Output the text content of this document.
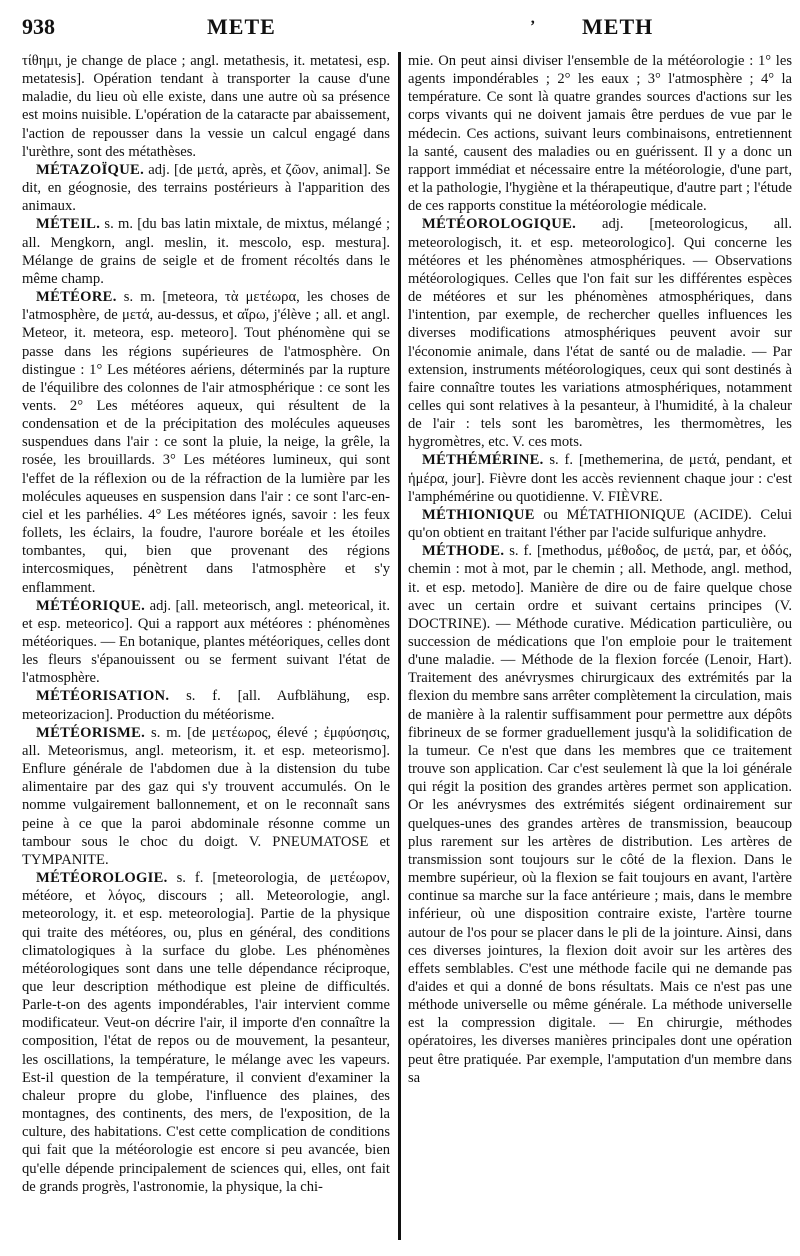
938	METE	’ METH

τίθημι, je change de place ; angl. metathesis, it. metatesi, esp. metatesis]. Opération tendant à transporter la cause d'une maladie, du lieu où elle existe, dans une autre où sa présence est moins nuisible. L'opération de la cataracte par abaissement, l'action de repousser dans la vessie un calcul engagé dans l'urèthre, sont des métathèses.

MÉTAZOÏQUE. adj. [de μετά, après, et ζῶον, animal]. Se dit, en géognosie, des terrains postérieurs à l'apparition des animaux.

MÉTEIL. s. m. [du bas latin mixtale, de mixtus, mélangé ; all. Mengkorn, angl. meslin, it. mescolo, esp. mestura]. Mélange de grains de seigle et de froment récoltés dans le même champ.

MÉTÉORE. s. m. [meteora, τὰ μετέωρα, les choses de l'atmosphère, de μετά, au-dessus, et αἴρω, j'élève ; all. et angl. Meteor, it. meteora, esp. meteoro]. Tout phénomène qui se passe dans les régions supérieures de l'atmosphère. On distingue : 1° Les météores aériens, déterminés par la rupture de l'équilibre des colonnes de l'air atmosphérique : ce sont les vents. 2° Les météores aqueux, qui résultent de la condensation et de la précipitation des molécules aqueuses suspendues dans l'air : ce sont la pluie, la neige, la grêle, la rosée, les brouillards. 3° Les météores lumineux, qui sont l'effet de la réflexion ou de la réfraction de la lumière par les molécules aqueuses en suspension dans l'air : ce sont l'arc-en-ciel et les parhélies. 4° Les météores ignés, savoir : les feux follets, les éclairs, la foudre, l'aurore boréale et les étoiles tombantes, qui, bien que provenant des régions intercosmiques, pénètrent dans l'atmosphère et s'y enflamment.

MÉTÉORIQUE. adj. [all. meteorisch, angl. meteorical, it. et esp. meteorico]. Qui a rapport aux météores : phénomènes météoriques. — En botanique, plantes météoriques, celles dont les fleurs s'épanouissent ou se ferment suivant l'état de l'atmosphère.

MÉTÉORISATION. s. f. [all. Aufblähung, esp. meteorizacion]. Production du météorisme.

MÉTÉORISME. s. m. [de μετέωρος, élevé ; ἐμφύσησις, all. Meteorismus, angl. meteorism, it. et esp. meteorismo]. Enflure générale de l'abdomen due à la distension du tube alimentaire par des gaz qui s'y trouvent accumulés. On le nomme vulgairement ballonnement, et on le reconnaît sans peine à ce que la paroi abdominale résonne comme un tambour sous le choc du doigt. V. PNEUMATOSE et TYMPANITE.

MÉTÉOROLOGIE. s. f. [meteorologia, de μετέωρον, météore, et λόγος, discours ; all. Meteorologie, angl. meteorology, it. et esp. meteorologia]. Partie de la physique qui traite des météores, ou, plus en général, des conditions climatologiques à la surface du globe. Les phénomènes météorologiques sont dans une telle dépendance réciproque, que leur description méthodique est pleine de difficultés. Parle-t-on des agents impondérables, l'air intervient comme modificateur. Veut-on décrire l'air, il importe d'en connaître la composition, l'état de repos ou de mouvement, la pesanteur, les oscillations, la température, le mélange avec les vapeurs. Est-il question de la température, il convient d'examiner la chaleur propre du globe, l'influence des plaines, des montagnes, des continents, des mers, de l'exposition, de la culture, des habitations. C'est cette complication de conditions qui fait que la météorologie est encore si peu avancée, bien qu'elle dépende principalement de sciences qui, elles, ont fait de grands progrès, l'astronomie, la physique, la chi-

mie. On peut ainsi diviser l'ensemble de la météorologie : 1° les agents impondérables ; 2° les eaux ; 3° l'atmosphère ; 4° la température. Ce sont là quatre grandes sources d'actions sur les corps vivants qui ne doivent jamais être perdues de vue par le médecin. Ces actions, suivant leurs combinaisons, entretiennent la santé, causent des maladies ou en guérissent. Il y a donc un rapport immédiat et nécessaire entre la météorologie, d'une part, et la pathologie, l'hygiène et la thérapeutique, d'autre part ; l'étude de ces rapports constitue la météorologie médicale.

MÉTÉOROLOGIQUE. adj. [meteorologicus, all. meteorologisch, it. et esp. meteorologico]. Qui concerne les météores et les phénomènes atmosphériques. — Observations météorologiques. Celles que l'on fait sur les différentes espèces de météores et sur les phénomènes atmosphériques, dans l'intention, par exemple, de rechercher quelles influences les diverses modifications atmosphériques peuvent avoir sur l'économie animale, dans l'état de santé ou de maladie. — Par extension, instruments météorologiques, ceux qui sont destinés à faire connaître toutes les variations atmosphériques, notamment celles qui sont relatives à la pesanteur, à l'humidité, à la chaleur de l'air : tels sont les baromètres, les thermomètres, les hygromètres, etc. V. ces mots.

MÉTHÉMÉRINE. s. f. [methemerina, de μετά, pendant, et ἡμέρα, jour]. Fièvre dont les accès reviennent chaque jour : c'est l'amphémérine ou quotidienne. V. FIÈVRE.

MÉTHIONIQUE ou MÉTATHIONIQUE (ACIDE). Celui qu'on obtient en traitant l'éther par l'acide sulfurique anhydre.

MÉTHODE. s. f. [methodus, μέθοδος, de μετά, par, et ὁδός, chemin : mot à mot, par le chemin ; all. Methode, angl. method, it. et esp. metodo]. Manière de dire ou de faire quelque chose avec un certain ordre et suivant certains principes (V. DOCTRINE). — Méthode curative. Médication particulière, ou succession de médications que l'on emploie pour le traitement d'une maladie. — Méthode de la flexion forcée (Lenoir, Hart). Traitement des anévrysmes chirurgicaux des extrémités par la flexion du membre sans arrêter complètement la circulation, mais de manière à la ralentir suffisamment pour permettre aux dépôts fibrineux de se former graduellement jusqu'à la solidification de la tumeur. Ce n'est que dans les membres que ce traitement trouve son application. Car c'est seulement là que la loi générale qui régit la position des grandes artères permet son application. Or les anévrysmes des extrémités siégent ordinairement sur quelques-unes des grandes artères de transmission, beaucoup plus rarement sur les artères de distribution. Les artères de transmission sont toujours sur le côté de la flexion. Dans le membre supérieur, où la flexion se fait toujours en avant, l'artère continue sa marche sur la face antérieure ; mais, dans le membre inférieur, où une disposition contraire existe, l'artère tourne autour de l'os pour se placer dans le pli de la jointure. Ainsi, dans ces diverses jointures, la flexion doit avoir sur les artères des effets semblables. C'est une méthode facile qui ne demande pas d'aides et qui a donné de bons résultats. Mais ce n'est pas une méthode universelle ou même générale. La méthode universelle est la compression digitale. — En chirurgie, méthodes opératoires, les diverses manières principales dont une opération peut être pratiquée. Par exemple, l'amputation d'un membre dans sa
